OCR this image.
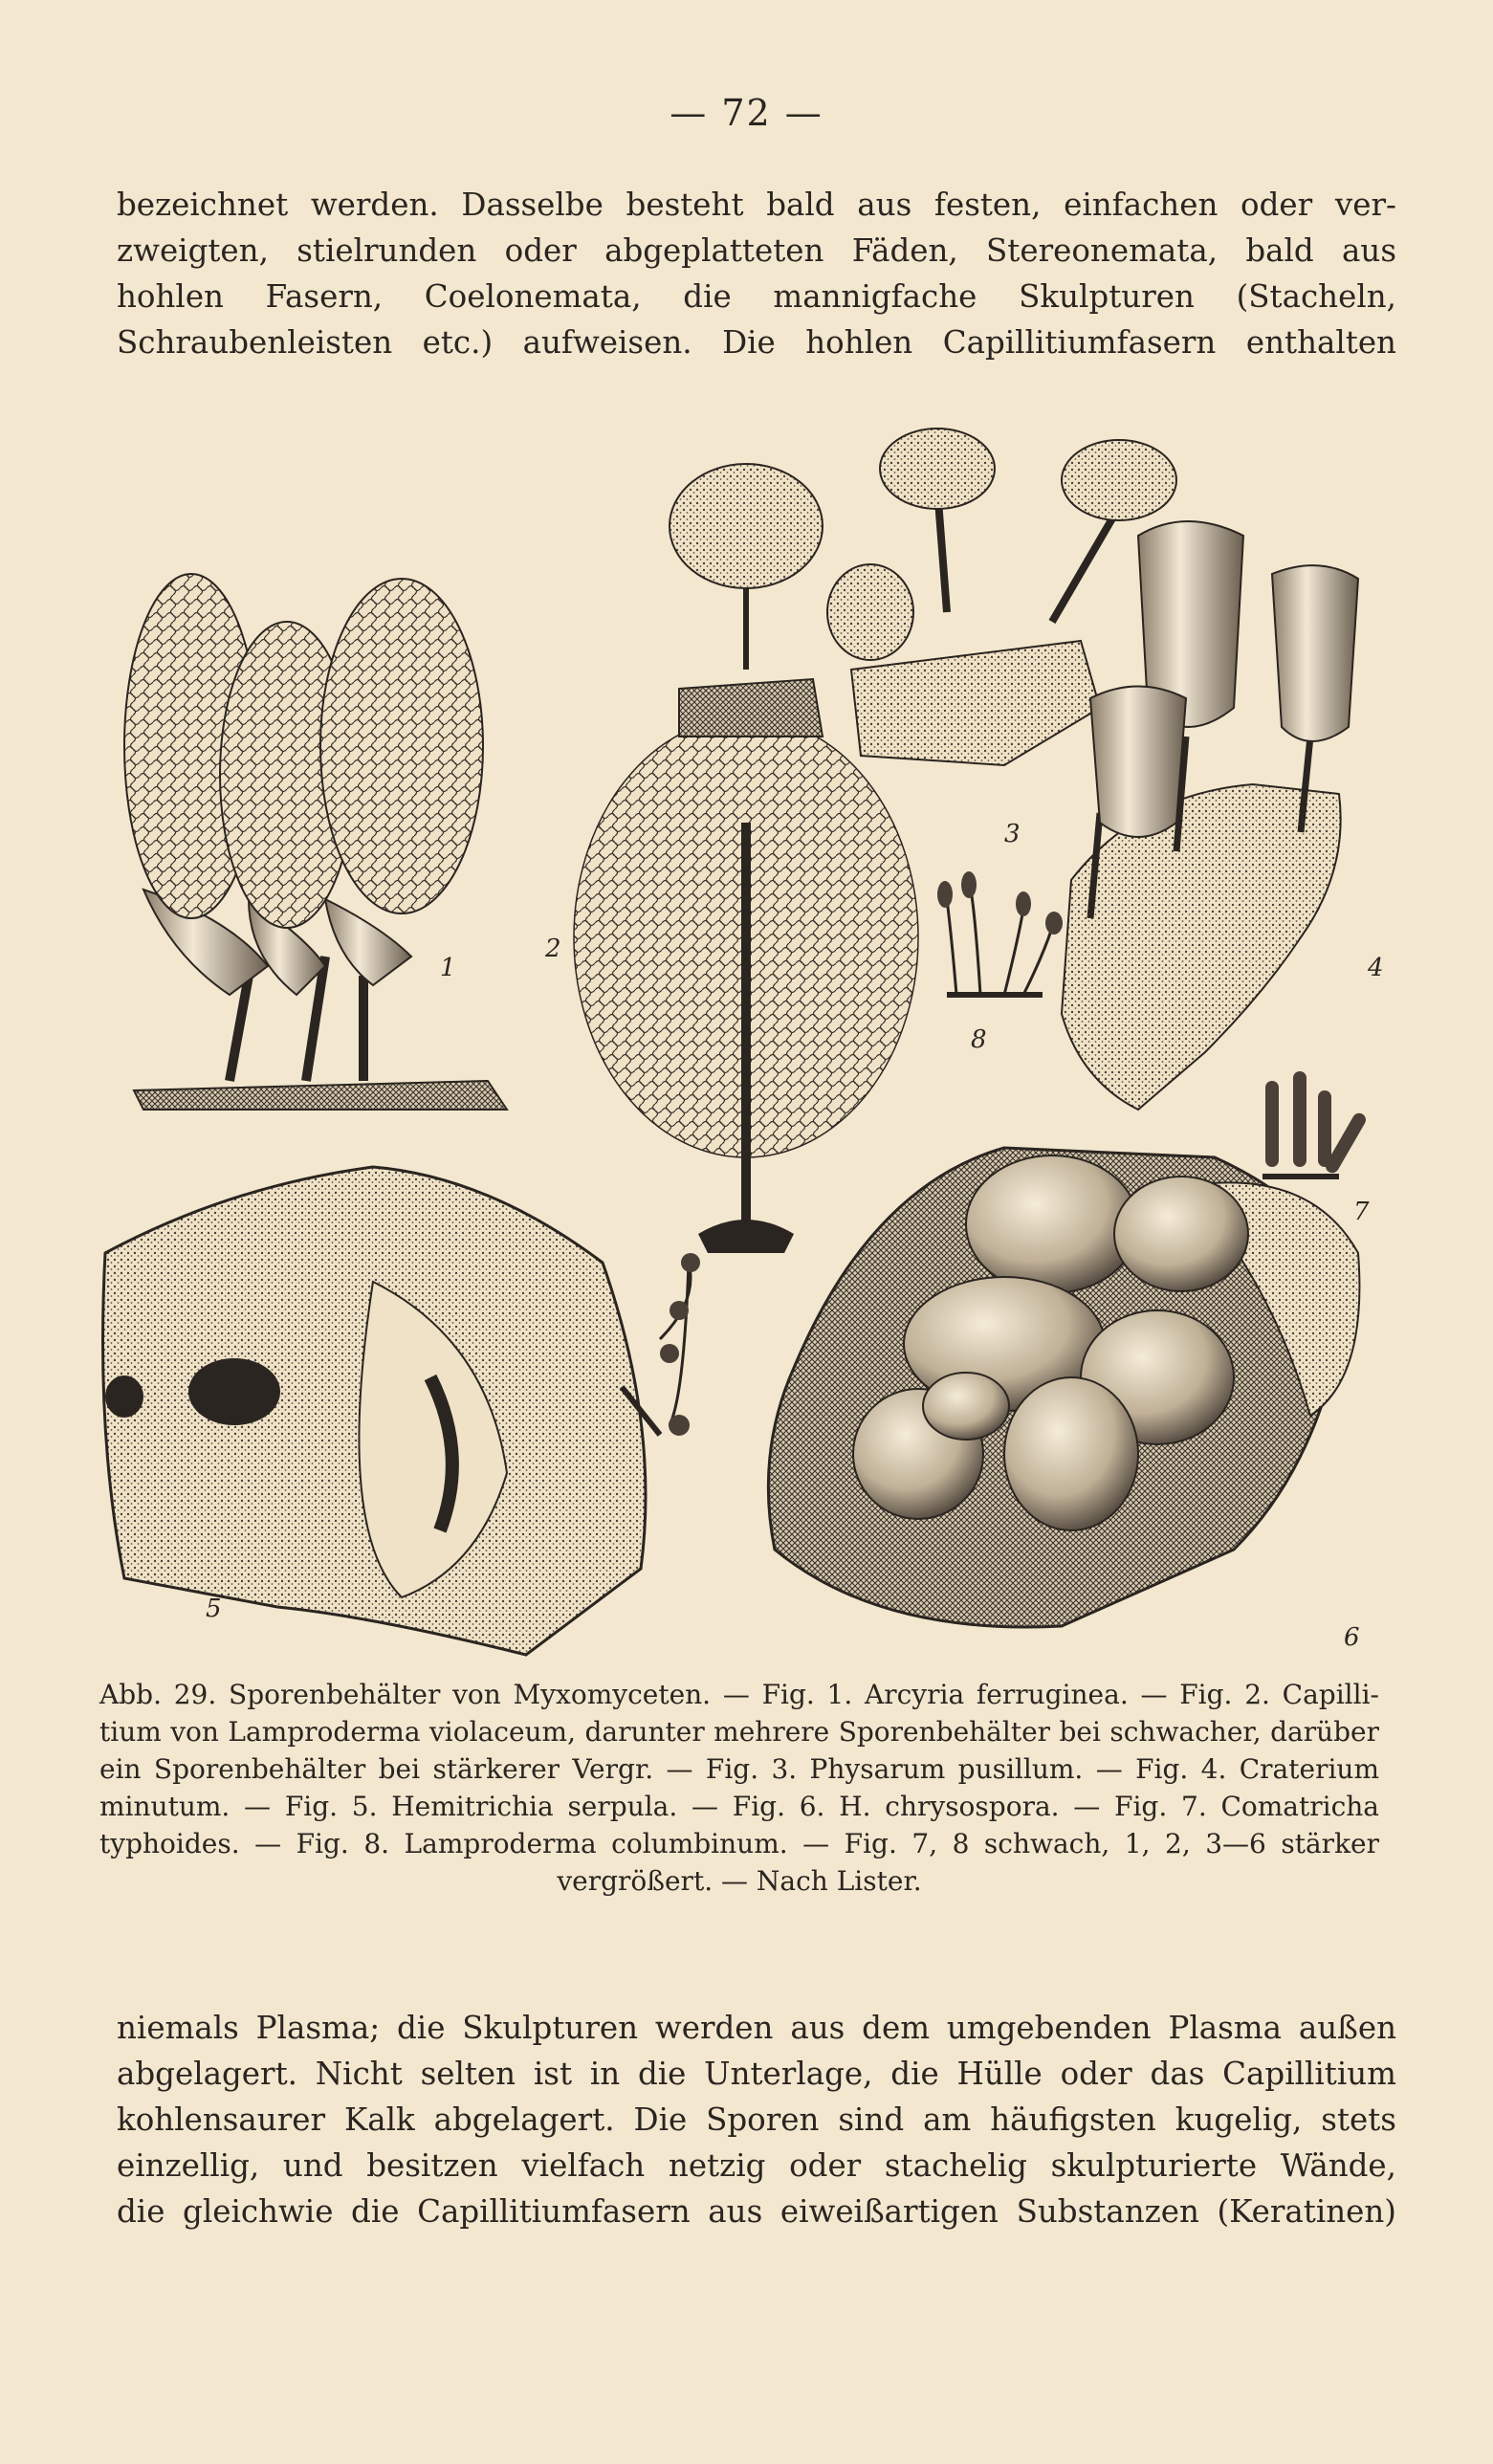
— 72 —
bezeichnet werden. Dasselbe besteht bald aus festen, einfachen oder ver-
zweigten, stielrunden oder abgeplatteten Fäden, Stereonemata, bald aus
hohlen Fasern, Coelonemata, die mannigfache Skulpturen (Stacheln,
Schraubenleisten etc.) aufweisen. Die hohlen Capillitiumfasern enthalten
1
2
3
4
8
7
5
6
Abb. 29. Sporenbehälter von Myxomyceten. — Fig. 1. Arcyria ferruginea. — Fig. 2. Capilli-
tium von Lamproderma violaceum, darunter mehrere Sporenbehälter bei schwacher, darüber
ein Sporenbehälter bei stärkerer Vergr. — Fig. 3. Physarum pusillum. — Fig. 4. Craterium
minutum. — Fig. 5. Hemitrichia serpula. — Fig. 6. H. chrysospora. — Fig. 7. Comatricha
typhoides. — Fig. 8. Lamproderma columbinum. — Fig. 7, 8 schwach, 1, 2, 3—6 stärker
vergrößert. — Nach Lister.
niemals Plasma; die Skulpturen werden aus dem umgebenden Plasma außen
abgelagert. Nicht selten ist in die Unterlage, die Hülle oder das Capillitium
kohlensaurer Kalk abgelagert. Die Sporen sind am häufigsten kugelig, stets
einzellig, und besitzen vielfach netzig oder stachelig skulpturierte Wände,
die gleichwie die Capillitiumfasern aus eiweißartigen Substanzen (Keratinen)
